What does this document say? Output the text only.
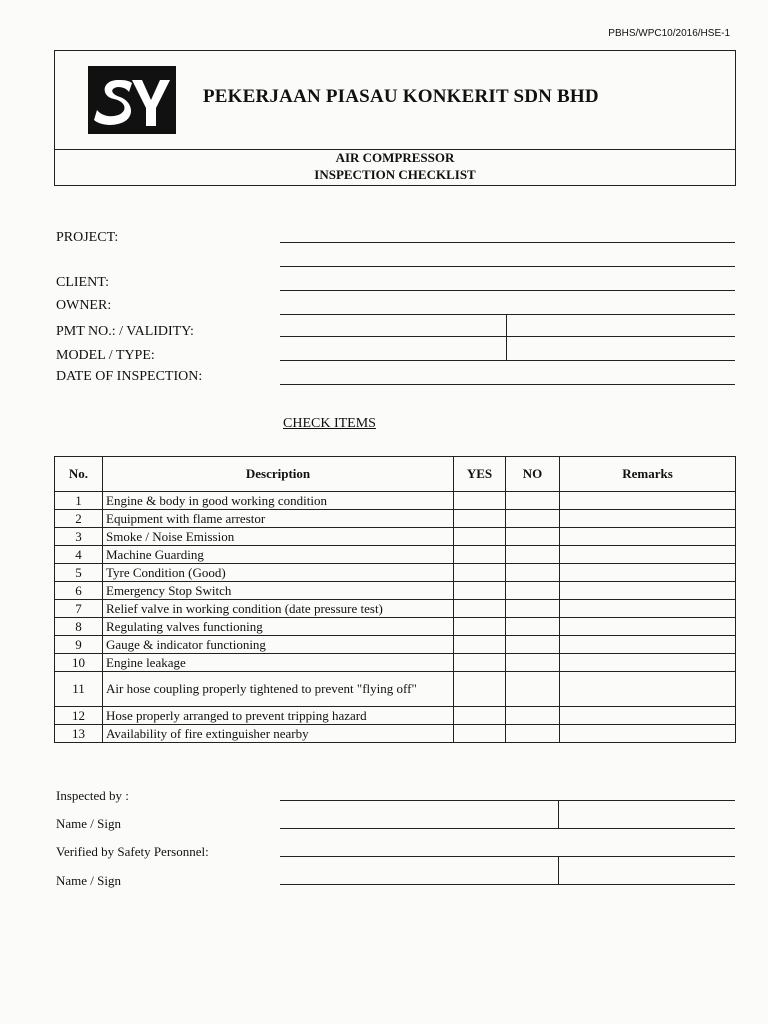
PBHS/WPC10/2016/HSE-1
PEKERJAAN PIASAU KONKERIT SDN BHD
AIR COMPRESSOR
INSPECTION CHECKLIST
PROJECT:
CLIENT:
OWNER:
PMT NO.: / VALIDITY:
MODEL / TYPE:
DATE OF INSPECTION:
CHECK ITEMS
No.	Description	YES	NO	Remarks
1	Engine & body in good working condition			
2	Equipment with flame arrestor			
3	Smoke / Noise Emission			
4	Machine Guarding			
5	Tyre Condition (Good)			
6	Emergency Stop Switch			
7	Relief valve in working condition (date pressure test)			
8	Regulating valves functioning			
9	Gauge & indicator functioning			
10	Engine leakage			
11	Air hose coupling properly tightened to prevent "flying off"			
12	Hose properly arranged to prevent tripping hazard			
13	Availability of fire extinguisher nearby			
Inspected by :
Name / Sign
Verified by Safety Personnel:
Name / Sign
